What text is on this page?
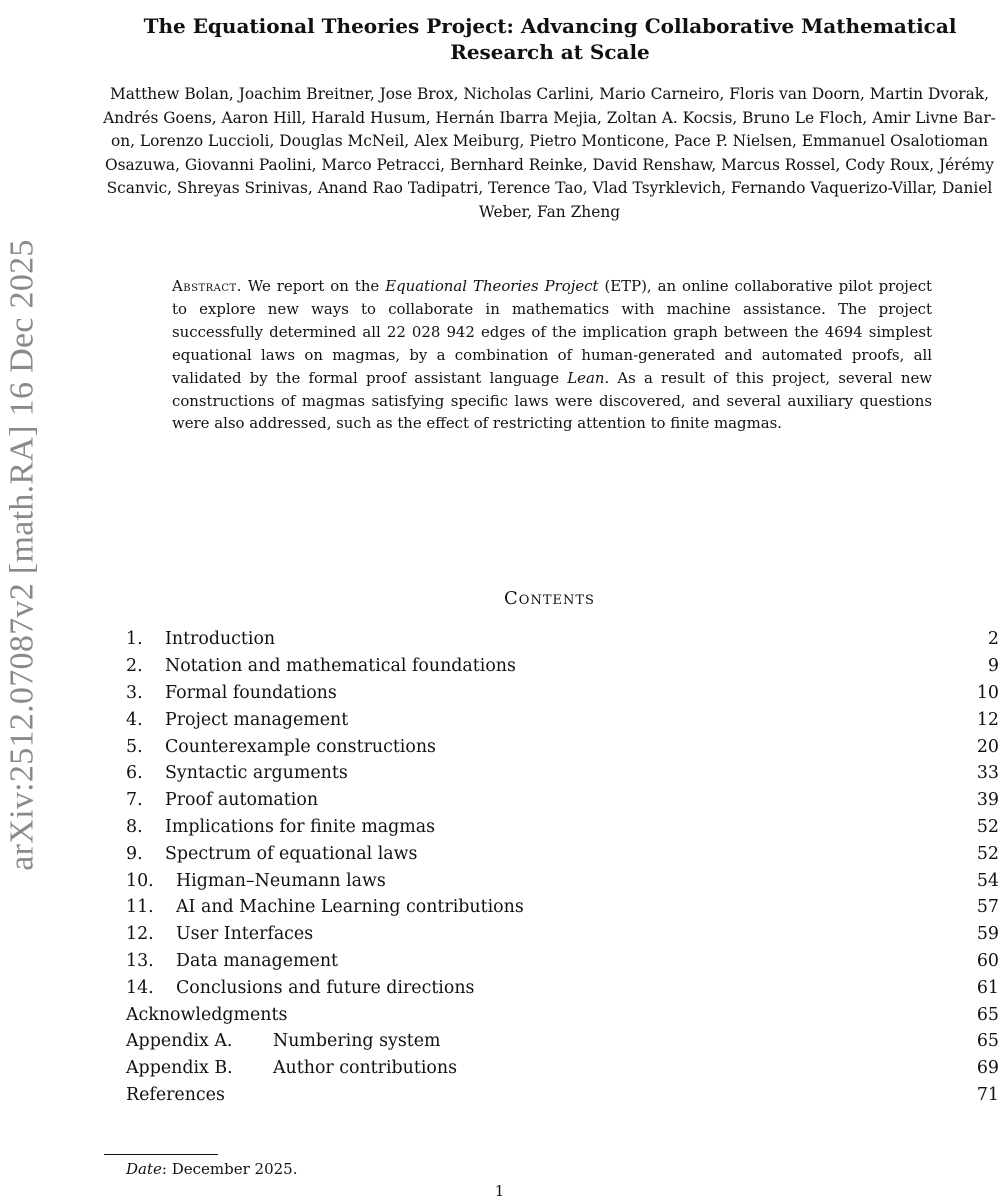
arXiv:2512.07087v2 [math.RA] 16 Dec 2025
The Equational Theories Project: Advancing Collaborative Mathematical Research at Scale
Matthew Bolan, Joachim Breitner, Jose Brox, Nicholas Carlini, Mario Carneiro, Floris van Doorn, Martin Dvorak, Andrés Goens, Aaron Hill, Harald Husum, Hernán Ibarra Mejia, Zoltan A. Kocsis, Bruno Le Floch, Amir Livne Bar-on, Lorenzo Luccioli, Douglas McNeil, Alex Meiburg, Pietro Monticone, Pace P. Nielsen, Emmanuel Osalotioman Osazuwa, Giovanni Paolini, Marco Petracci, Bernhard Reinke, David Renshaw, Marcus Rossel, Cody Roux, Jérémy Scanvic, Shreyas Srinivas, Anand Rao Tadipatri, Terence Tao, Vlad Tsyrklevich, Fernando Vaquerizo-Villar, Daniel Weber, Fan Zheng
Abstract. We report on the Equational Theories Project (ETP), an online collaborative pilot project to explore new ways to collaborate in mathematics with machine assistance. The project successfully determined all 22 028 942 edges of the implication graph between the 4694 simplest equational laws on magmas, by a combination of human-generated and automated proofs, all validated by the formal proof assistant language Lean. As a result of this project, several new constructions of magmas satisfying specific laws were discovered, and several auxiliary questions were also addressed, such as the effect of restricting attention to finite magmas.
Contents
1.	Introduction	2
2.	Notation and mathematical foundations	9
3.	Formal foundations	10
4.	Project management	12
5.	Counterexample constructions	20
6.	Syntactic arguments	33
7.	Proof automation	39
8.	Implications for finite magmas	52
9.	Spectrum of equational laws	52
10.	Higman–Neumann laws	54
11.	AI and Machine Learning contributions	57
12.	User Interfaces	59
13.	Data management	60
14.	Conclusions and future directions	61
Acknowledgments	65
Appendix A.	Numbering system	65
Appendix B.	Author contributions	69
References	71
Date: December 2025.
1
